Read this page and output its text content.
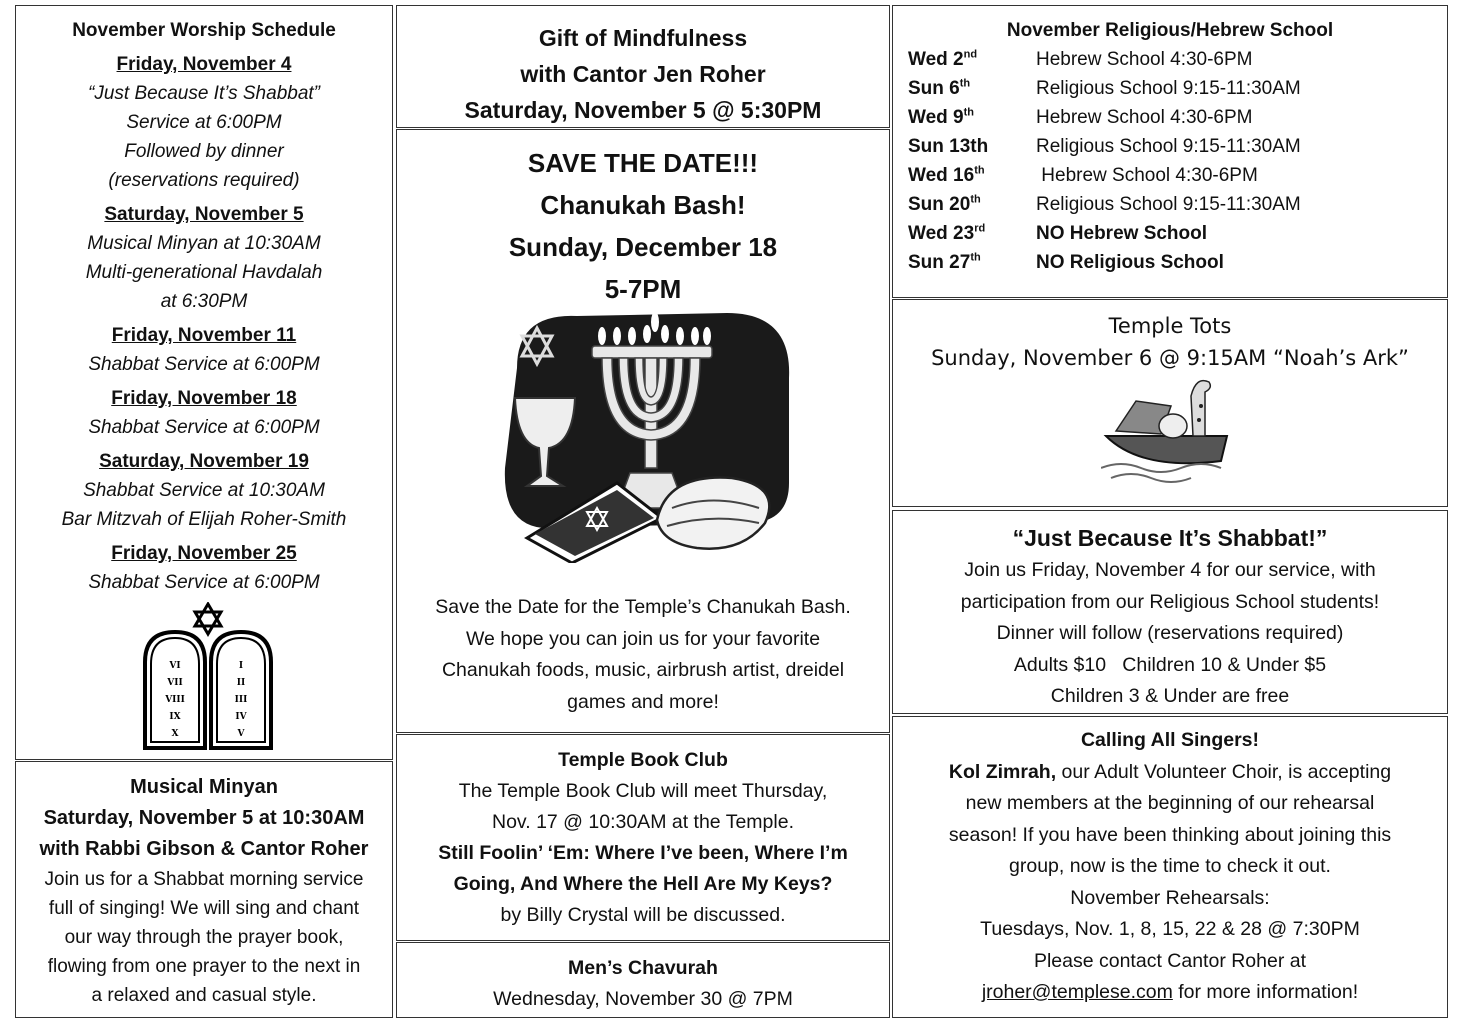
November Worship Schedule
Friday, November 4
“Just Because It’s Shabbat”
Service at 6:00PM
Followed by dinner
(reservations required)
Saturday, November 5
Musical Minyan at 10:30AM
Multi-generational Havdalah
at 6:30PM
Friday, November 11
Shabbat Service at 6:00PM
Friday, November 18
Shabbat Service at 6:00PM
Saturday, November 19
Shabbat Service at 10:30AM
Bar Mitzvah of Elijah Roher-Smith
Friday, November 25
Shabbat Service at 6:00PM
VI
VII
VIII
IX
X
I
II
III
IV
V
Musical Minyan
Saturday, November 5 at 10:30AM
with Rabbi Gibson & Cantor Roher
Join us for a Shabbat morning service
full of singing! We will sing and chant
our way through the prayer book,
flowing from one prayer to the next in
a relaxed and casual style.
Gift of Mindfulness
with Cantor Jen Roher
Saturday, November 5 @ 5:30PM
SAVE THE DATE!!!
Chanukah Bash!
Sunday, December 18
5-7PM
Save the Date for the Temple’s Chanukah Bash.
We hope you can join us for your favorite
Chanukah foods, music, airbrush artist, dreidel
games and more!
Temple Book Club
The Temple Book Club will meet Thursday,
Nov. 17 @ 10:30AM at the Temple.
Still Foolin’ ‘Em: Where I’ve been, Where I’m
Going, And Where the Hell Are My Keys?
by Billy Crystal will be discussed.
Men’s Chavurah
Wednesday, November 30 @ 7PM
November Religious/Hebrew School
Wed 2nd	Hebrew School 4:30-6PM
Sun 6th	Religious School 9:15-11:30AM
Wed 9th	Hebrew School 4:30-6PM
Sun 13th	Religious School 9:15-11:30AM
Wed 16th	Hebrew School 4:30-6PM
Sun 20th	Religious School 9:15-11:30AM
Wed 23rd	NO Hebrew School
Sun 27th	NO Religious School
Temple Tots
Sunday, November 6 @ 9:15AM “Noah’s Ark”
“Just Because It’s Shabbat!”
Join us Friday, November 4 for our service, with
participation from our Religious School students!
Dinner will follow (reservations required)
Adults $10   Children 10 & Under $5
Children 3 & Under are free
Calling All Singers!
Kol Zimrah, our Adult Volunteer Choir, is accepting
new members at the beginning of our rehearsal
season! If you have been thinking about joining this
group, now is the time to check it out.
November Rehearsals:
Tuesdays, Nov. 1, 8, 15, 22 & 28 @ 7:30PM
Please contact Cantor Roher at
jroher@templese.com for more information!
